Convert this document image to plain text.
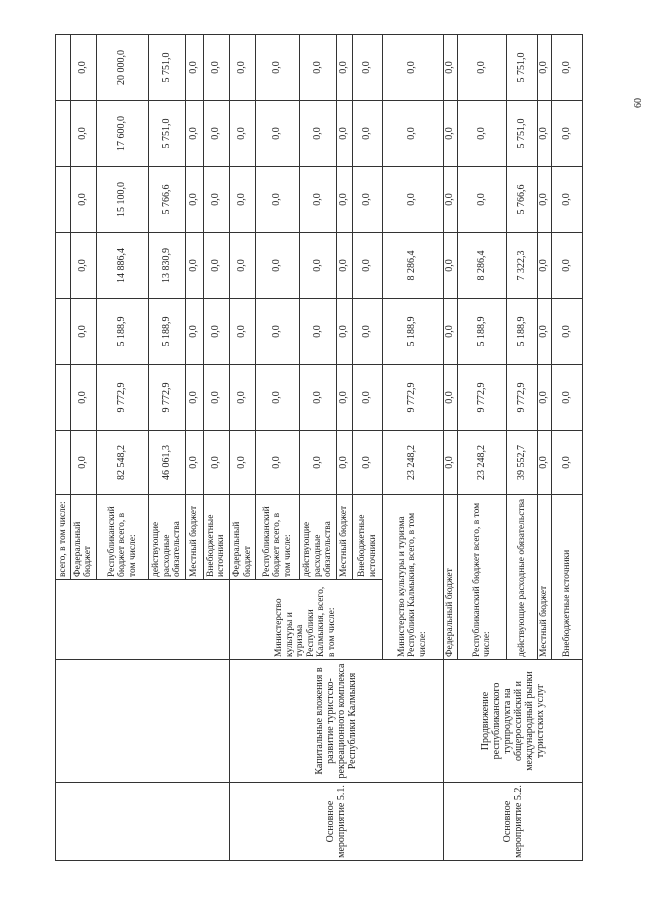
			всего, в том числе:							
			Федеральный бюджет	0,0	0,0	0,0	0,0	0,0	0,0	0,0
			Республиканский бюджет всего, в том числе:	82 548,2	9 772,9	5 188,9	14 886,4	15 100,0	17 600,0	20 000,0
			действующие расходные обязательства	46 061,3	9 772,9	5 188,9	13 830,9	5 766,6	5 751,0	5 751,0
			Местный бюджет	0,0	0,0	0,0	0,0	0,0	0,0	0,0
			Внебюджетные источники	0,0	0,0	0,0	0,0	0,0	0,0	0,0
Основное мероприятие 5.1.	Капитальные вложения в развитие туристско-рекреационного комплекса Республики Калмыкия	Министерство культуры и туризма Республики Калмыкия, всего, в том числе:	Федеральный бюджет	0,0	0,0	0,0	0,0	0,0	0,0	0,0
			Республиканский бюджет всего, в том числе:	0,0	0,0	0,0	0,0	0,0	0,0	0,0
			действующие расходные обязательства	0,0	0,0	0,0	0,0	0,0	0,0	0,0
			Местный бюджет	0,0	0,0	0,0	0,0	0,0	0,0	0,0
			Внебюджетные источники	0,0	0,0	0,0	0,0	0,0	0,0	0,0
		Министерство культуры и туризма Республики Калмыкия, всего, в том числе:		23 248,2	9 772,9	5 188,9	8 286,4	0,0	0,0	0,0
Основное мероприятие 5.2.	Продвижение республиканского турпродукта на общероссийский и международный рынки туристских услуг	Федеральный бюджет		0,0	0,0	0,0	0,0	0,0	0,0	0,0
		Республиканский бюджет всего, в том числе:		23 248,2	9 772,9	5 188,9	8 286,4	0,0	0,0	0,0
		действующие расходные обязательства		39 552,7	9 772,9	5 188,9	7 322,3	5 766,6	5 751,0	5 751,0
		Местный бюджет		0,0	0,0	0,0	0,0	0,0	0,0	0,0
		Внебюджетные источники		0,0	0,0	0,0	0,0	0,0	0,0	0,0
60
